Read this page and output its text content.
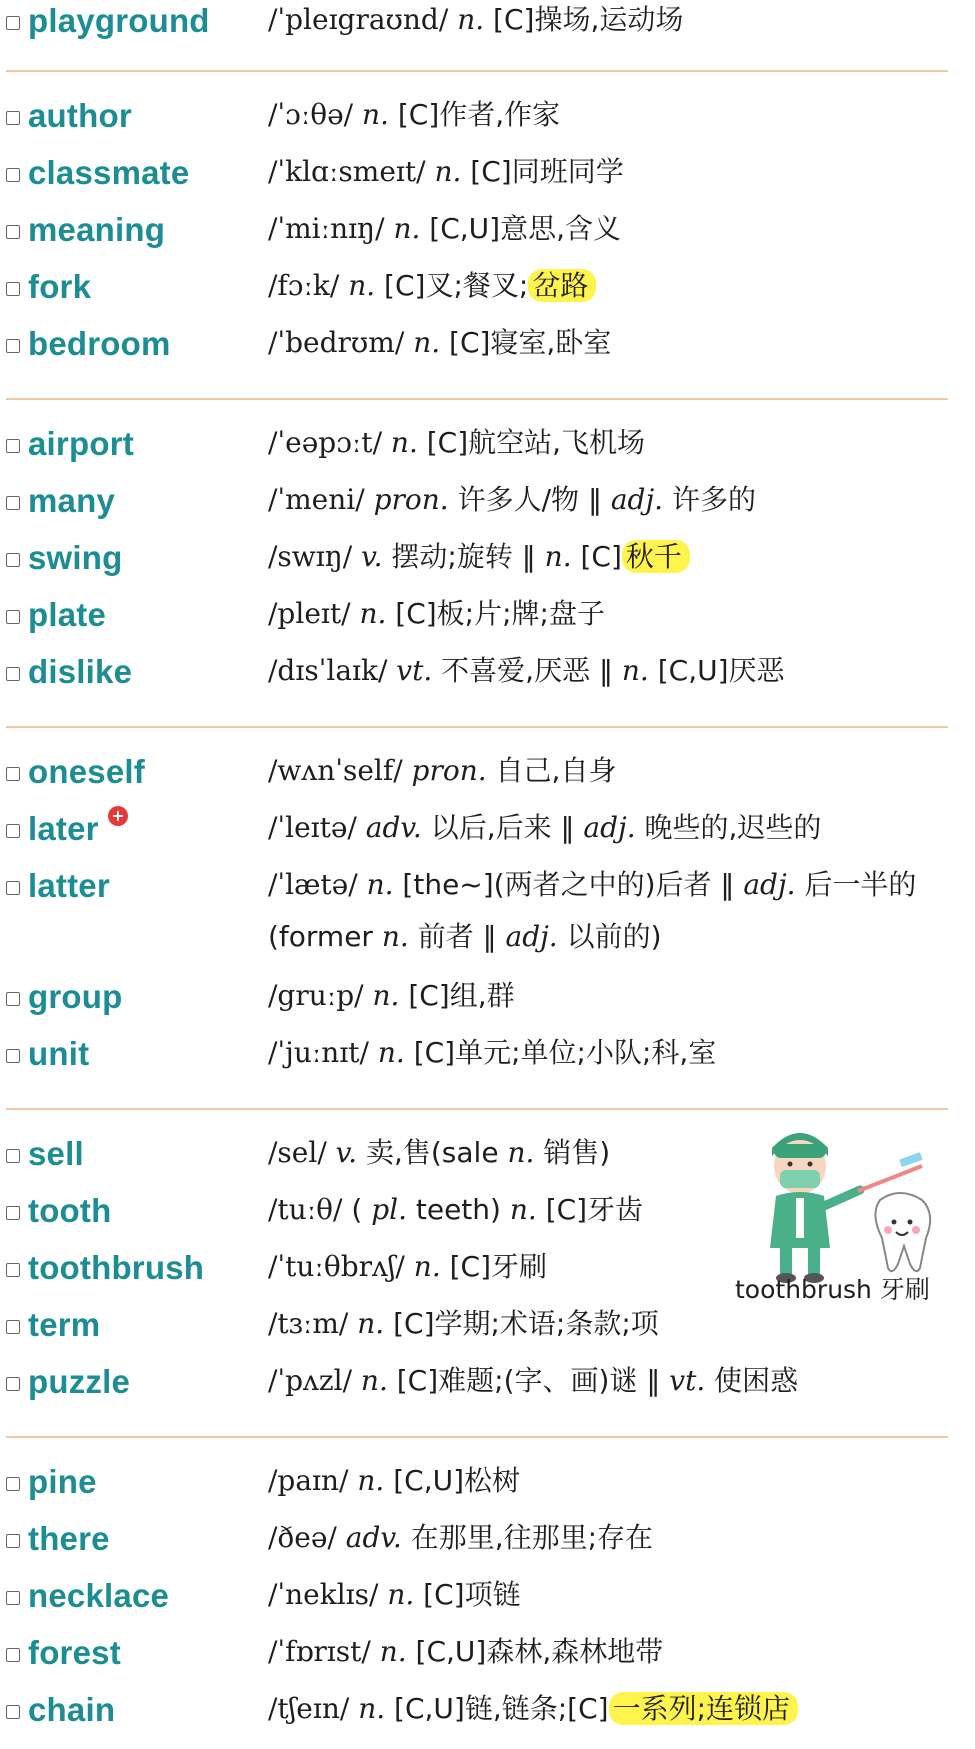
playground /ˈpleɪgraʊnd/ n. [C]操场,运动场
author	/ˈɔːθə/ n. [C]作者,作家
classmate	/ˈklɑːsmeɪt/ n. [C]同班同学
meaning	/ˈmiːnɪŋ/ n. [C,U]意思,含义
fork	/fɔːk/ n. [C]叉;餐叉; 岔路
bedroom	/ˈbedrʊm/ n. [C]寝室,卧室
airport	/ˈeəpɔːt/ n. [C]航空站,飞机场
many	/ˈmeni/ pron. 许多人/物 ‖ adj. 许多的
swing	/swɪŋ/ v. 摆动;旋转 ‖ n. [C] 秋千
plate	/pleɪt/ n. [C]板;片;牌;盘子
dislike	/dɪsˈlaɪk/ vt. 不喜爱,厌恶 ‖ n. [C,U]厌恶
oneself	/wʌnˈself/ pron. 自己,自身
later +	/ˈleɪtə/ adv. 以后,后来 ‖ adj. 晚些的,迟些的
latter	/ˈlætə/ n. [the~](两者之中的)后者 ‖ adj. 后一半的(former n. 前者 ‖ adj. 以前的)
group	/gruːp/ n. [C]组,群
unit	/ˈjuːnɪt/ n. [C]单元;单位;小队;科,室
sell	/sel/ v. 卖,售(sale n. 销售)
tooth	/tuːθ/ ( pl. teeth) n. [C]牙齿
toothbrush /ˈtuːθbrʌʃ/ n. [C]牙刷
term	/tɜːm/ n. [C]学期;术语;条款;项
puzzle	/ˈpʌzl/ n. [C]难题;(字、画)谜 ‖ vt. 使困惑
pine	/paɪn/ n. [C,U]松树
there	/ðeə/ adv. 在那里,往那里;存在
necklace	/ˈneklɪs/ n. [C]项链
forest	/ˈfɒrɪst/ n. [C,U]森林,森林地带
chain	/tʃeɪn/ n. [C,U]链,链条;[C] 一系列;连锁店
toothbrush 牙刷
